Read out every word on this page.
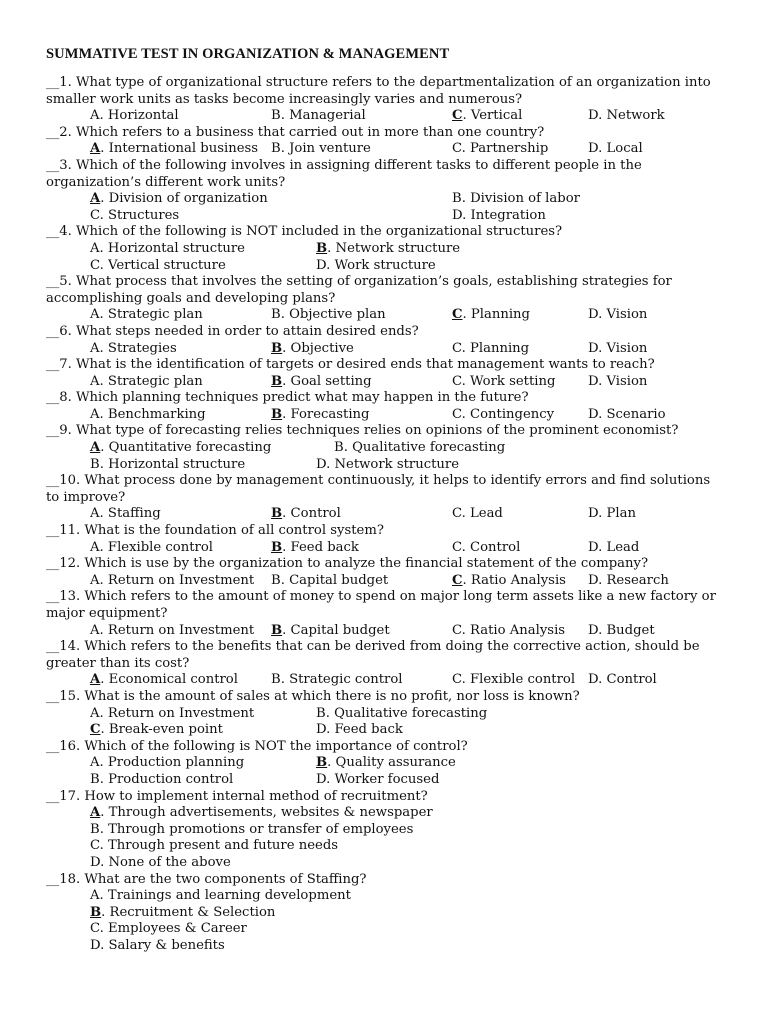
SUMMATIVE TEST IN ORGANIZATION & MANAGEMENT
__1. What type of organizational structure refers to the departmentalization of an organization into smaller work units as tasks become increasingly varies and numerous?
A. Horizontal	B. Managerial	C. Vertical	D. Network
__2. Which refers to a business that carried out in more than one country?
A. International business B. Join venture	C. Partnership	D. Local
__3. Which of the following involves in assigning different tasks to different people in the organization’s different work units?
A. Division of organization	B. Division of labor
C. Structures	D. Integration
__4. Which of the following is NOT included in the organizational structures?
A. Horizontal structure	B. Network structure
C. Vertical structure	D. Work structure
__5. What process that involves the setting of organization’s goals, establishing strategies for accomplishing goals and developing plans?
A. Strategic plan	B. Objective plan	C. Planning	D. Vision
__6. What steps needed in order to attain desired ends?
A. Strategies	B. Objective	C. Planning	D. Vision
__7. What is the identification of targets or desired ends that management wants to reach?
A. Strategic plan	B. Goal setting	C. Work setting D. Vision
__8. Which planning techniques predict what may happen in the future?
A. Benchmarking	B. Forecasting	C. Contingency	D. Scenario
__9. What type of forecasting relies techniques relies on opinions of the prominent economist?
A. Quantitative forecasting	B. Qualitative forecasting
B. Horizontal structure	D. Network structure
__10. What process done by management continuously, it helps to identify errors and find solutions to improve?
A. Staffing	B. Control	C. Lead	D. Plan
__11. What is the foundation of all control system?
A. Flexible control	B. Feed back	C. Control	D. Lead
__12. Which is use by the organization to analyze the financial statement of the company?
A. Return on Investment B. Capital budget	C. Ratio Analysis D. Research
__13. Which refers to the amount of money to spend on major long term assets like a new factory or major equipment?
A. Return on Investment B. Capital budget	C. Ratio Analysis D. Budget
__14. Which refers to the benefits that can be derived from doing the corrective action, should be greater than its cost?
A. Economical control	B. Strategic control	C. Flexible control D. Control
__15. What is the amount of sales at which there is no profit, nor loss is known?
A. Return on Investment	B. Qualitative forecasting
C. Break-even point	D. Feed back
__16. Which of the following is NOT the importance of control?
A. Production planning	B. Quality assurance
B. Production control	D. Worker focused
__17. How to implement internal method of recruitment?
A. Through advertisements, websites & newspaper
B. Through promotions or transfer of employees
C. Through present and future needs
D. None of the above
__18. What are the two components of Staffing?
A. Trainings and learning development
B. Recruitment & Selection
C. Employees & Career
D. Salary & benefits
